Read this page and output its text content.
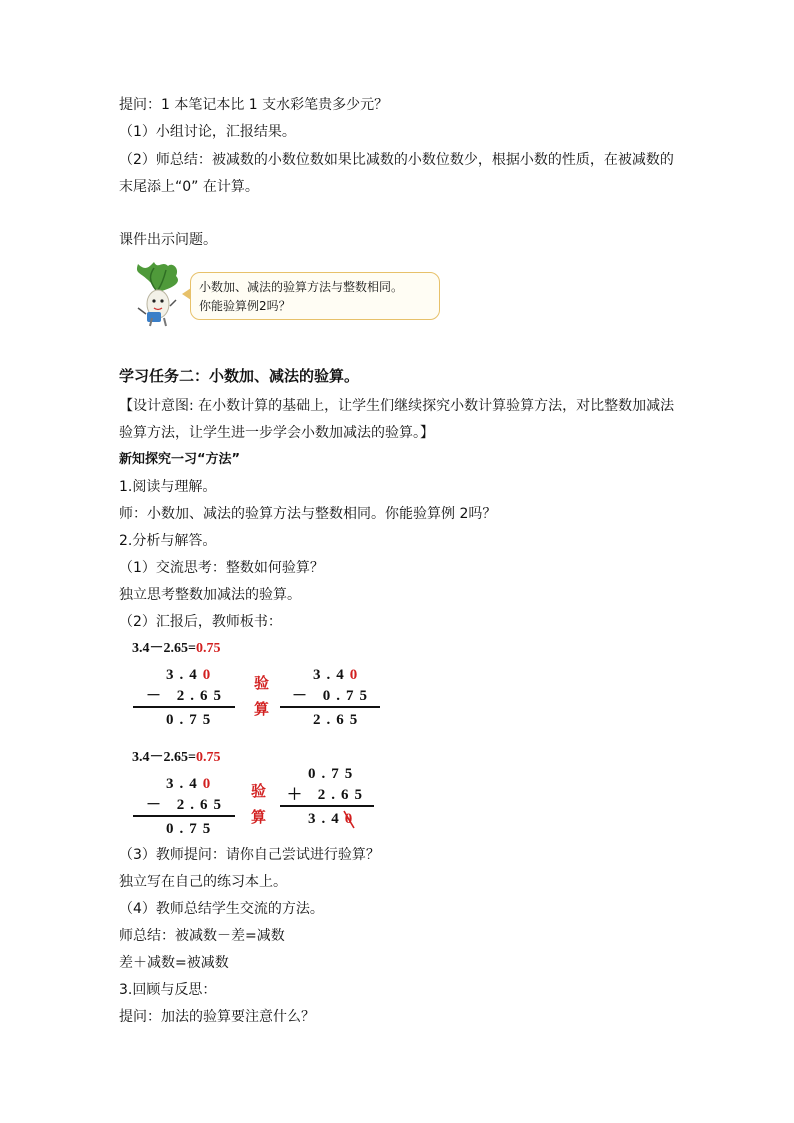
提问：1 本笔记本比 1 支水彩笔贵多少元？
（1）小组讨论，汇报结果。
（2）师总结：被减数的小数位数如果比减数的小数位数少，根据小数的性质，在被减数的
末尾添上“0” 在计算。
课件出示问题。
小数加、减法的验算方法与整数相同。
你能验算例2吗？
学习任务二：小数加、减法的验算。
【设计意图: 在小数计算的基础上，让学生们继续探究小数计算验算方法，对比整数加减法
验算方法，让学生进一步学会小数加减法的验算。】
新知探究一习“方法”
1.阅读与理解。
师：小数加、减法的验算方法与整数相同。你能验算例 2吗？
2.分析与解答。
（1）交流思考：整数如何验算？
独立思考整数加减法的验算。
（2）汇报后，教师板书：
3.4－2.65=0.75
3.40
－ 2.65
0.75
验
算
3.40
－ 0.75
2.65
3.4－2.65=0.75
3.40
－ 2.65
0.75
验
算
0.75
＋ 2.65
3.40
（3）教师提问：请你自己尝试进行验算？
独立写在自己的练习本上。
（4）教师总结学生交流的方法。
师总结：被减数－差=减数
差＋减数=被减数
3.回顾与反思：
提问：加法的验算要注意什么？
